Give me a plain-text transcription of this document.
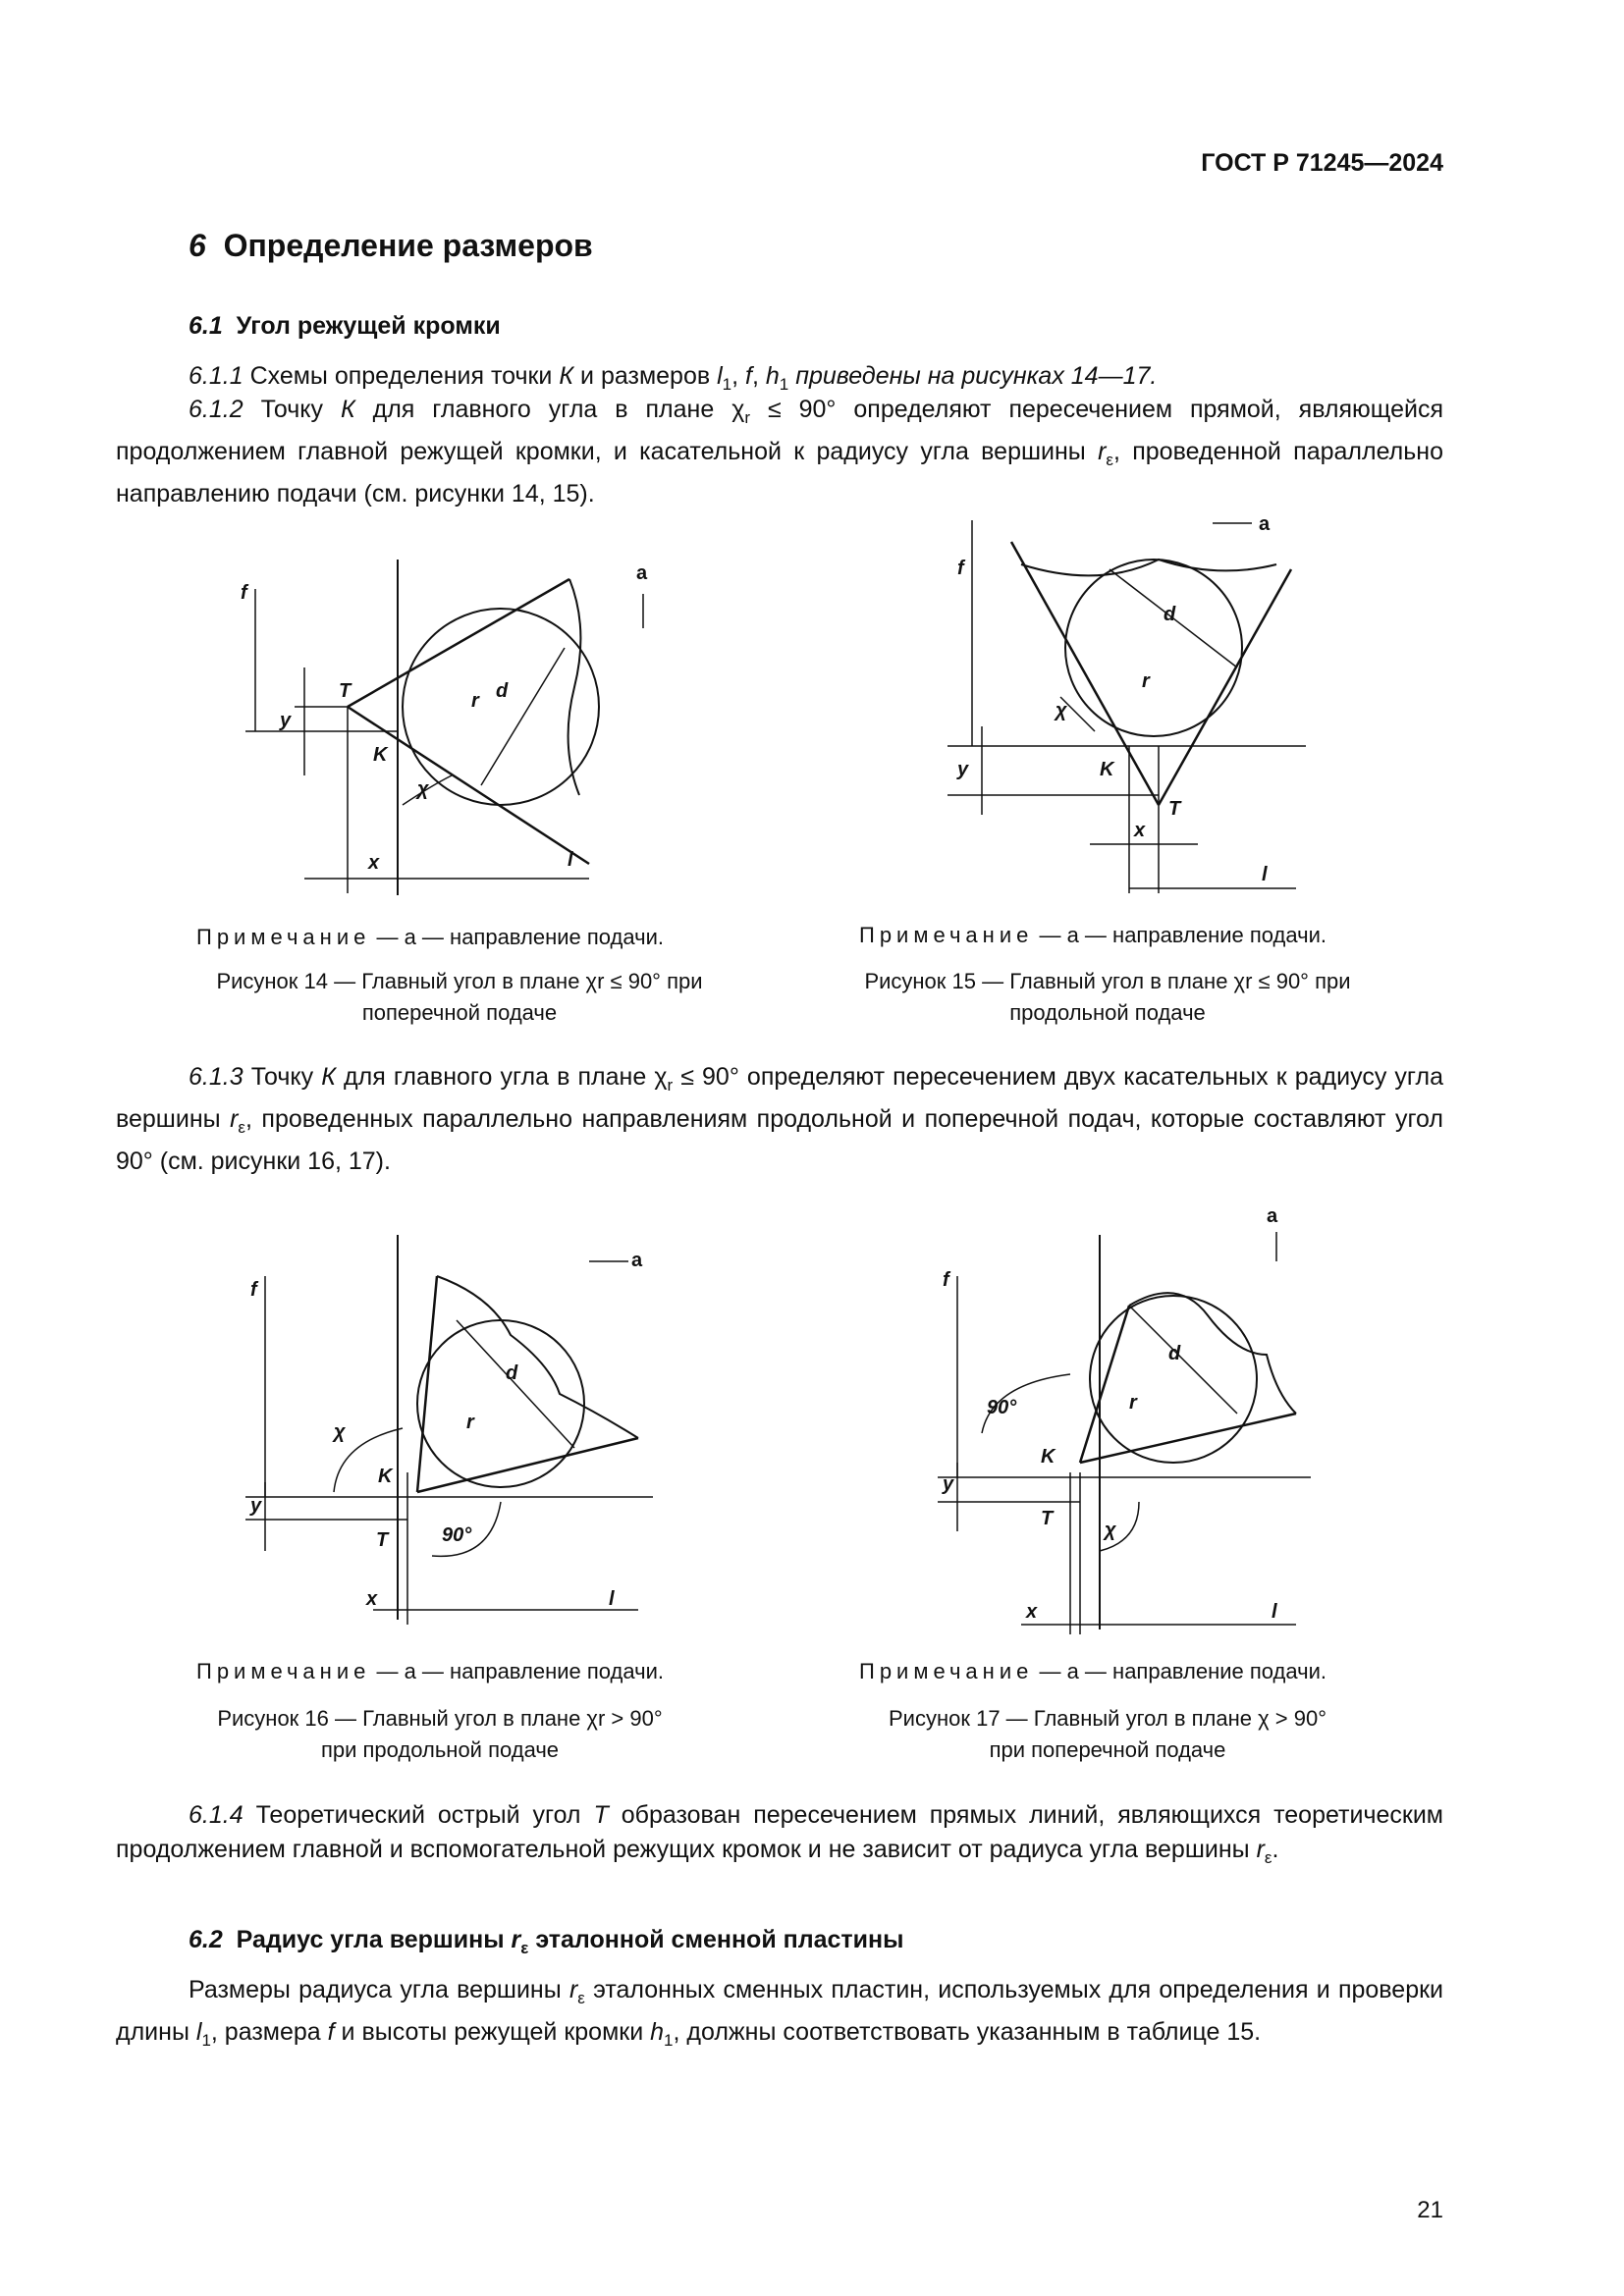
ГОСТ Р 71245—2024
6 Определение размеров
6.1 Угол режущей кромки
6.1.1 Схемы определения точки К и размеров $l_1$, f, $h_1$ приведены на рисунках 14—17.
6.1.2 Точку К для главного угла в плане $\chi_r \le 90^\circ$ определяют пересечением прямой, являющейся продолжением главной режущей кромки, и касательной к радиусу угла вершины $r_\varepsilon$, проведенной параллельно направлению подачи (см. рисунки 14, 15).
a
f
T
y
K
r d
χ
x	l
Примечание — a — направление подачи.
Рисунок 14 — Главный угол в плане χr ≤ 90° при
поперечной подаче
a
f
d
r
χ
y	K
T
x
l
Примечание — a — направление подачи.
Рисунок 15 — Главный угол в плане χr ≤ 90° при
продольной подаче
6.1.3 Точку К для главного угла в плане $\chi_r \le 90^\circ$ определяют пересечением двух касательных к радиусу угла вершины $r_\varepsilon$, проведенных параллельно направлениям продольной и поперечной подач, которые составляют угол 90° (см. рисунки 16, 17).
a
f
d
r
χ
K
y
T	90°
x	l
Примечание — a — направление подачи.
Рисунок 16 — Главный угол в плане χr > 90°
при продольной подаче
a
f
90°
d
r
K
y
T
χ
x	l
Примечание — a — направление подачи.
Рисунок 17 — Главный угол в плане χ > 90°
при поперечной подаче
6.1.4 Теоретический острый угол T образован пересечением прямых линий, являющихся теоретическим продолжением главной и вспомогательной режущих кромок и не зависит от радиуса угла вершины $r_\varepsilon$.
6.2 Радиус угла вершины $r_\varepsilon$ эталонной сменной пластины
Размеры радиуса угла вершины $r_\varepsilon$ эталонных сменных пластин, используемых для определения и проверки длины $l_1$, размера f и высоты режущей кромки $h_1$, должны соответствовать указанным в таблице 15.
21
